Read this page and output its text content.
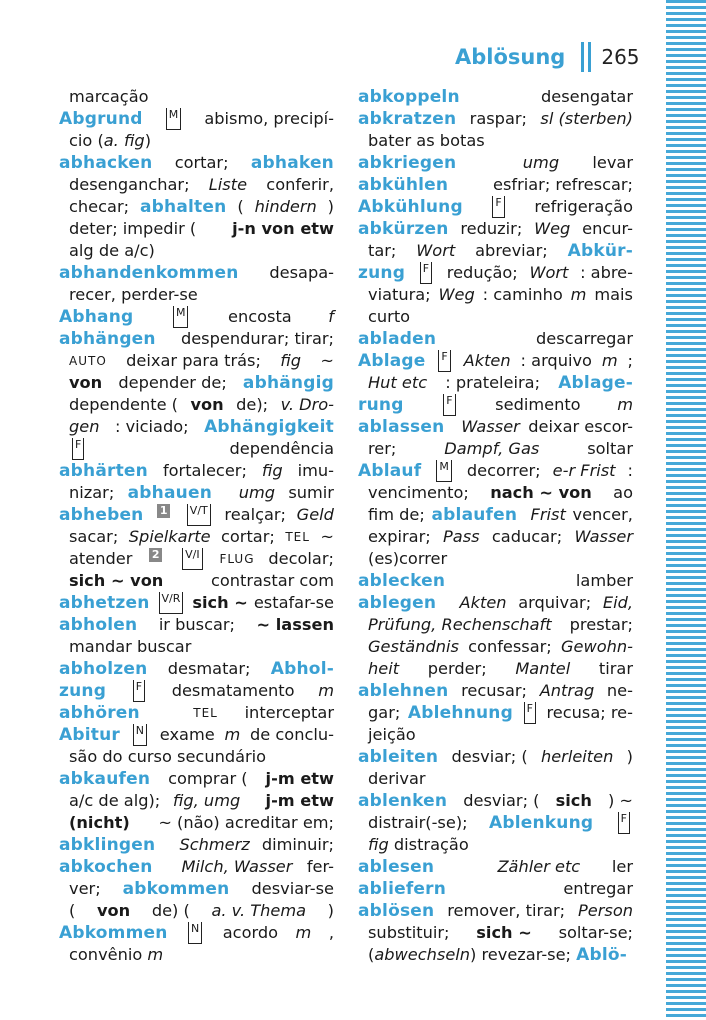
Ablösung 265
marcação
Abgrund M abismo, precipí-
cio (a. fig)
abhacken cortar; abhaken
desenganchar; Liste conferir,
checar; abhalten ( hindern )
deter; impedir ( j-n von etw
alg de a/c)
abhandenkommen desapa-
recer, perder-se
Abhang	M	encosta f
abhängen despendurar; tirar;
AUTO deixar para trás; fig ~
von depender de; abhängig
dependente ( von de); v. Dro-
gen : viciado; Abhängigkeit
F	dependência
abhärten fortalecer; fig imu-
nizar; abhauen umg sumir
abheben 1 V/T realçar; Geld
sacar; Spielkarte cortar; TEL ~
atender 2 V/I FLUG decolar;
sich ~ von	contrastar com
abhetzen V/R sich ~ estafar-se
abholen ir buscar; ~ lassen
mandar buscar
abholzen desmatar; Abhol-
zung	F desmatamento m
abhören	TEL interceptar
Abitur N exame m de conclu-
são do curso secundário
abkaufen comprar ( j-m etw
a/c de alg); fig, umg j-m etw
(nicht) ~ (não) acreditar em;
abklingen Schmerz diminuir;
abkochen Milch, Wasser fer-
ver; abkommen desviar-se
( von de) ( a. v. Thema )
Abkommen N acordo m ,
convênio m
abkoppeln	desengatar
abkratzen raspar; sl (sterben)
bater as botas
abkriegen	umg levar
abkühlen	esfriar; refrescar;
Abkühlung	F refrigeração
abkürzen reduzir; Weg encur-
tar; Wort abreviar; Abkür-
zung F redução; Wort : abre-
viatura; Weg : caminho m mais
curto
abladen	descarregar
Ablage F Akten : arquivo m ;
Hut etc : prateleira; Ablage-
rung	F	sedimento m
ablassen Wasser deixar escor-
rer;	Dampf, Gas	soltar
Ablauf M decorrer; e-r Frist :
vencimento; nach ~ von ao
fim de; ablaufen Frist vencer,
expirar; Pass caducar; Wasser
(es)correr
ablecken	lamber
ablegen Akten arquivar; Eid,
Prüfung, Rechenschaft prestar;
Geständnis confessar; Gewohn-
heit perder; Mantel tirar
ablehnen recusar; Antrag ne-
gar; Ablehnung F recusa; re-
jeição
ableiten desviar; ( herleiten )
derivar
ablenken desviar; ( sich ) ~
distrair(-se); Ablenkung F
fig distração
ablesen	Zähler etc ler
abliefern	entregar
ablösen remover, tirar; Person
substituir; sich ~ soltar-se;
(abwechseln) revezar-se; Ablö-
